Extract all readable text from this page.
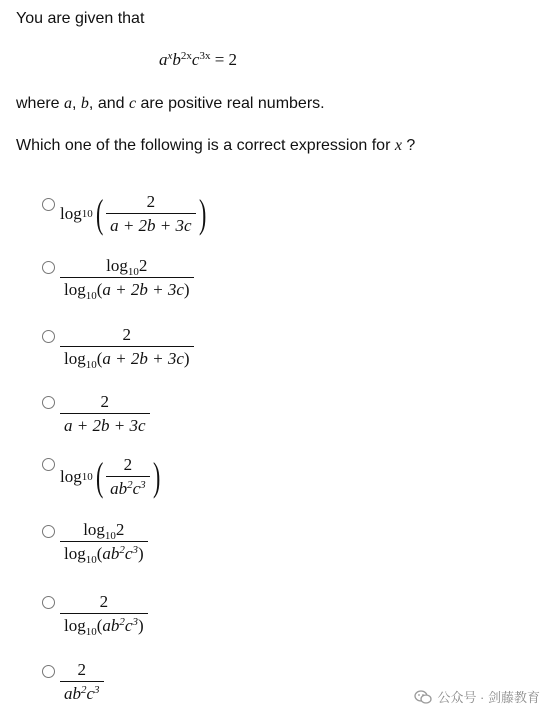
You are given that
$a^xb^{2x}c^{3x} = 2$
where a, b, and c are positive real numbers.
Which one of the following is a correct expression for x ?
log 10 ( $\frac{2}{a + 2b + 3c}$ )
$\frac{\log_{10}2}{\log_{10}(a + 2b + 3c)}$
$\frac{2}{\log_{10}(a + 2b + 3c)}$
$\frac{2}{a + 2b + 3c}$
log 10 ( $\frac{2}{ab^2c^3}$ )
$\frac{\log_{10}2}{\log_{10}(ab^2c^3)}$
$\frac{2}{\log_{10}(ab^2c^3)}$
$\frac{2}{ab^2c^3}$	公众号 · 剑藤教育
